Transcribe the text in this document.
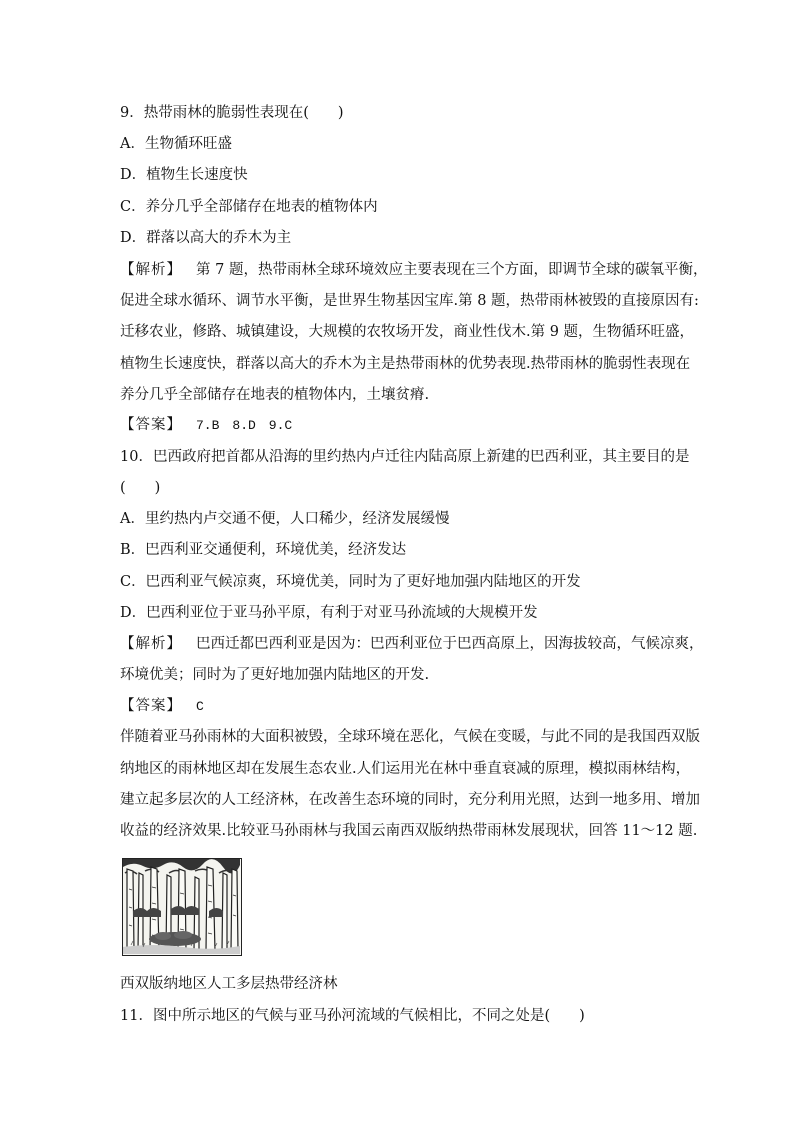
9．热带雨林的脆弱性表现在(　　)
A．生物循环旺盛
D．植物生长速度快
C．养分几乎全部储存在地表的植物体内
D．群落以高大的乔木为主
【解析】 第 7 题，热带雨林全球环境效应主要表现在三个方面，即调节全球的碳氧平衡，
促进全球水循环、调节水平衡，是世界生物基因宝库.第 8 题，热带雨林被毁的直接原因有:
迁移农业，修路、城镇建设，大规模的农牧场开发，商业性伐木.第 9 题，生物循环旺盛，
植物生长速度快，群落以高大的乔木为主是热带雨林的优势表现.热带雨林的脆弱性表现在
养分几乎全部储存在地表的植物体内，土壤贫瘠.
【答案】 7.B　8.D　9.C
10．巴西政府把首都从沿海的里约热内卢迁往内陆高原上新建的巴西利亚，其主要目的是
(　　)
A．里约热内卢交通不便，人口稀少，经济发展缓慢
B．巴西利亚交通便利，环境优美，经济发达
C．巴西利亚气候凉爽，环境优美，同时为了更好地加强内陆地区的开发
D．巴西利亚位于亚马孙平原，有利于对亚马孙流域的大规模开发
【解析】 巴西迁都巴西利亚是因为：巴西利亚位于巴西高原上，因海拔较高，气候凉爽，
环境优美；同时为了更好地加强内陆地区的开发.
【答案】 C
伴随着亚马孙雨林的大面积被毁，全球环境在恶化，气候在变暖，与此不同的是我国西双版
纳地区的雨林地区却在发展生态农业.人们运用光在林中垂直衰减的原理，模拟雨林结构，
建立起多层次的人工经济林，在改善生态环境的同时，充分利用光照，达到一地多用、增加
收益的经济效果.比较亚马孙雨林与我国云南西双版纳热带雨林发展现状，回答 11～12 题.
西双版纳地区人工多层热带经济林
11．图中所示地区的气候与亚马孙河流域的气候相比，不同之处是(　　)
